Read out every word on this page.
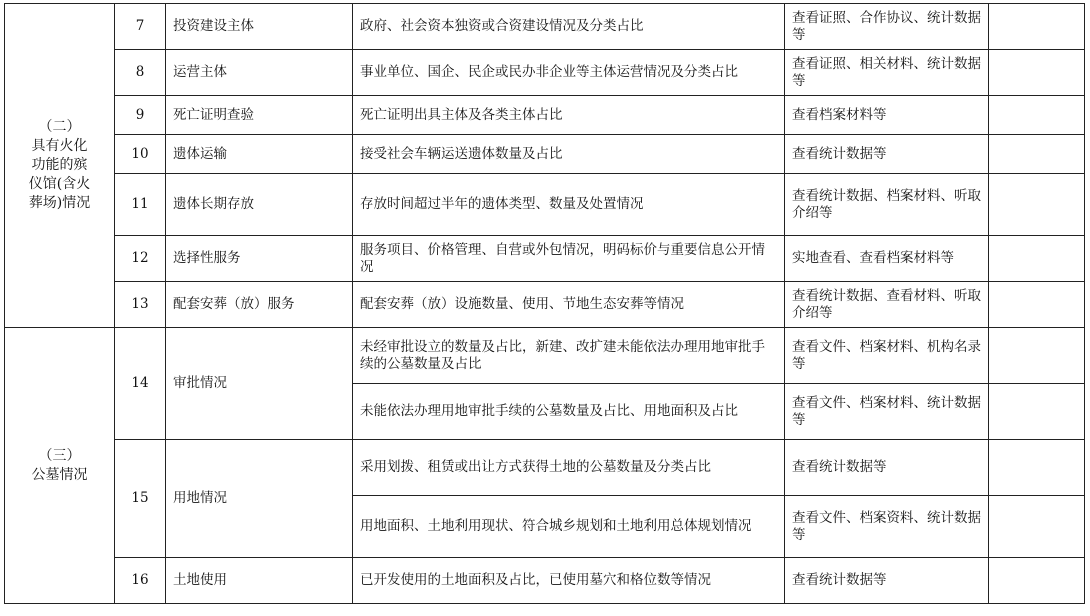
（二）
具有火化
功能的殡
仪馆(含火
葬场)情况	7	投资建设主体	政府、社会资本独资或合资建设情况及分类占比	查看证照、合作协议、统计数据等	
	8	运营主体	事业单位、国企、民企或民办非企业等主体运营情况及分类占比	查看证照、相关材料、统计数据等	
	9	死亡证明查验	死亡证明出具主体及各类主体占比	查看档案材料等	
	10	遗体运输	接受社会车辆运送遗体数量及占比	查看统计数据等	
	11	遗体长期存放	存放时间超过半年的遗体类型、数量及处置情况	查看统计数据、档案材料、听取介绍等	
	12	选择性服务	服务项目、价格管理、自营或外包情况，明码标价与重要信息公开情况	实地查看、查看档案材料等	
	13	配套安葬（放）服务	配套安葬（放）设施数量、使用、节地生态安葬等情况	查看统计数据、查看材料、听取介绍等	

（三）
公墓情况	14	审批情况	未经审批设立的数量及占比，新建、改扩建未能依法办理用地审批手续的公墓数量及占比	查看文件、档案材料、机构名录等	
			未能依法办理用地审批手续的公墓数量及占比、用地面积及占比	查看文件、档案材料、统计数据等	
	15	用地情况	采用划拨、租赁或出让方式获得土地的公墓数量及分类占比	查看统计数据等	
			用地面积、土地利用现状、符合城乡规划和土地利用总体规划情况	查看文件、档案资料、统计数据等	
	16	土地使用	已开发使用的土地面积及占比，已使用墓穴和格位数等情况	查看统计数据等	
